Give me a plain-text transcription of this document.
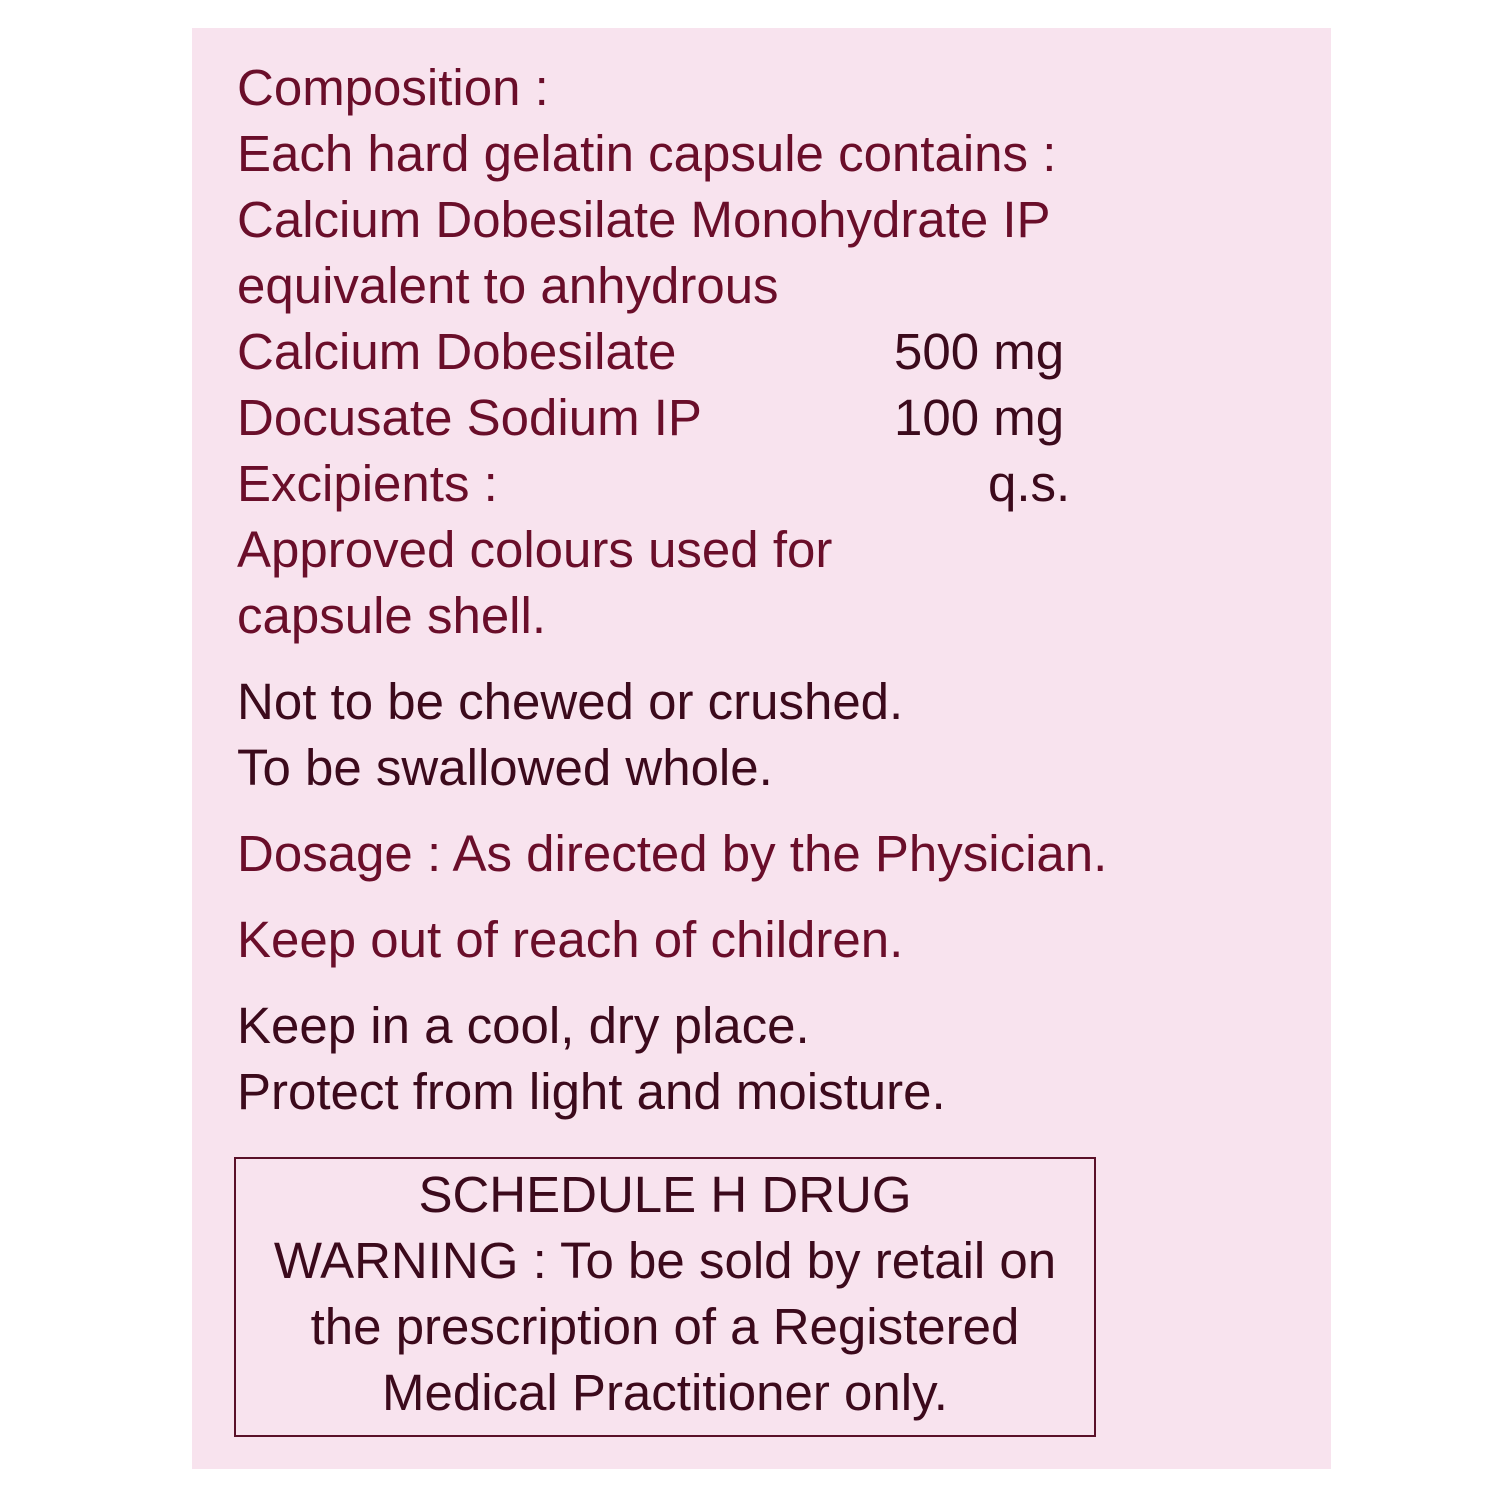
Composition :
Each hard gelatin capsule contains :
Calcium Dobesilate Monohydrate IP
equivalent to anhydrous
Calcium Dobesilate	500 mg
Docusate Sodium IP	100 mg
Excipients :	q.s.
Approved colours used for
capsule shell.
Not to be chewed or crushed.
To be swallowed whole.
Dosage : As directed by the Physician.
Keep out of reach of children.
Keep in a cool, dry place.
Protect from light and moisture.
SCHEDULE H DRUG
WARNING : To be sold by retail on
the prescription of a Registered
Medical Practitioner only.
